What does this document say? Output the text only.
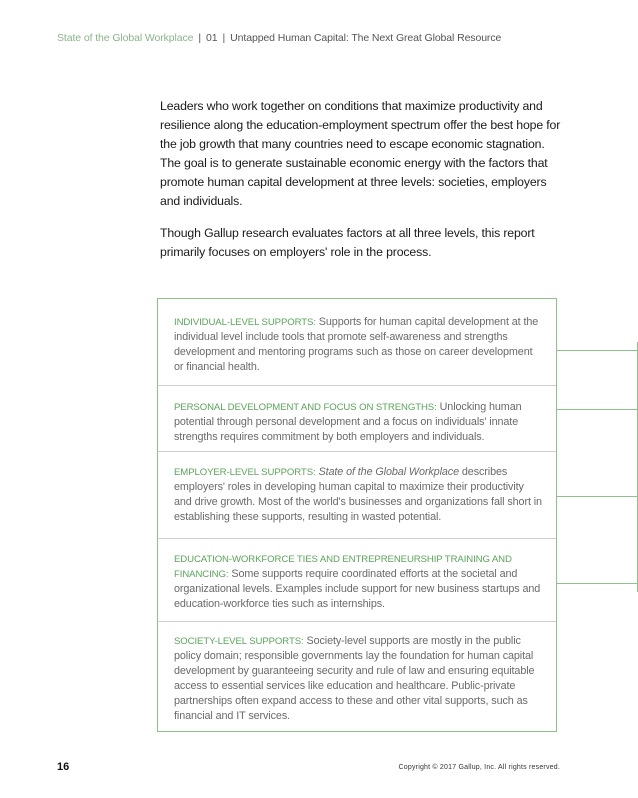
State of the Global Workplace | 01 | Untapped Human Capital: The Next Great Global Resource

Leaders who work together on conditions that maximize productivity and resilience along the education-employment spectrum offer the best hope for the job growth that many countries need to escape economic stagnation. The goal is to generate sustainable economic energy with the factors that promote human capital development at three levels: societies, employers and individuals.

Though Gallup research evaluates factors at all three levels, this report primarily focuses on employers' role in the process.

INDIVIDUAL-LEVEL SUPPORTS: Supports for human capital development at the individual level include tools that promote self-awareness and strengths development and mentoring programs such as those on career development or financial health.
PERSONAL DEVELOPMENT AND FOCUS ON STRENGTHS: Unlocking human potential through personal development and a focus on individuals' innate strengths requires commitment by both employers and individuals.
EMPLOYER-LEVEL SUPPORTS: State of the Global Workplace describes employers' roles in developing human capital to maximize their productivity and drive growth. Most of the world's businesses and organizations fall short in establishing these supports, resulting in wasted potential.
EDUCATION-WORKFORCE TIES AND ENTREPRENEURSHIP TRAINING AND FINANCING: Some supports require coordinated efforts at the societal and organizational levels. Examples include support for new business startups and education-workforce ties such as internships.
SOCIETY-LEVEL SUPPORTS: Society-level supports are mostly in the public policy domain; responsible governments lay the foundation for human capital development by guaranteeing security and rule of law and ensuring equitable access to essential services like education and healthcare. Public-private partnerships often expand access to these and other vital supports, such as financial and IT services.
16	Copyright © 2017 Gallup, Inc. All rights reserved.
